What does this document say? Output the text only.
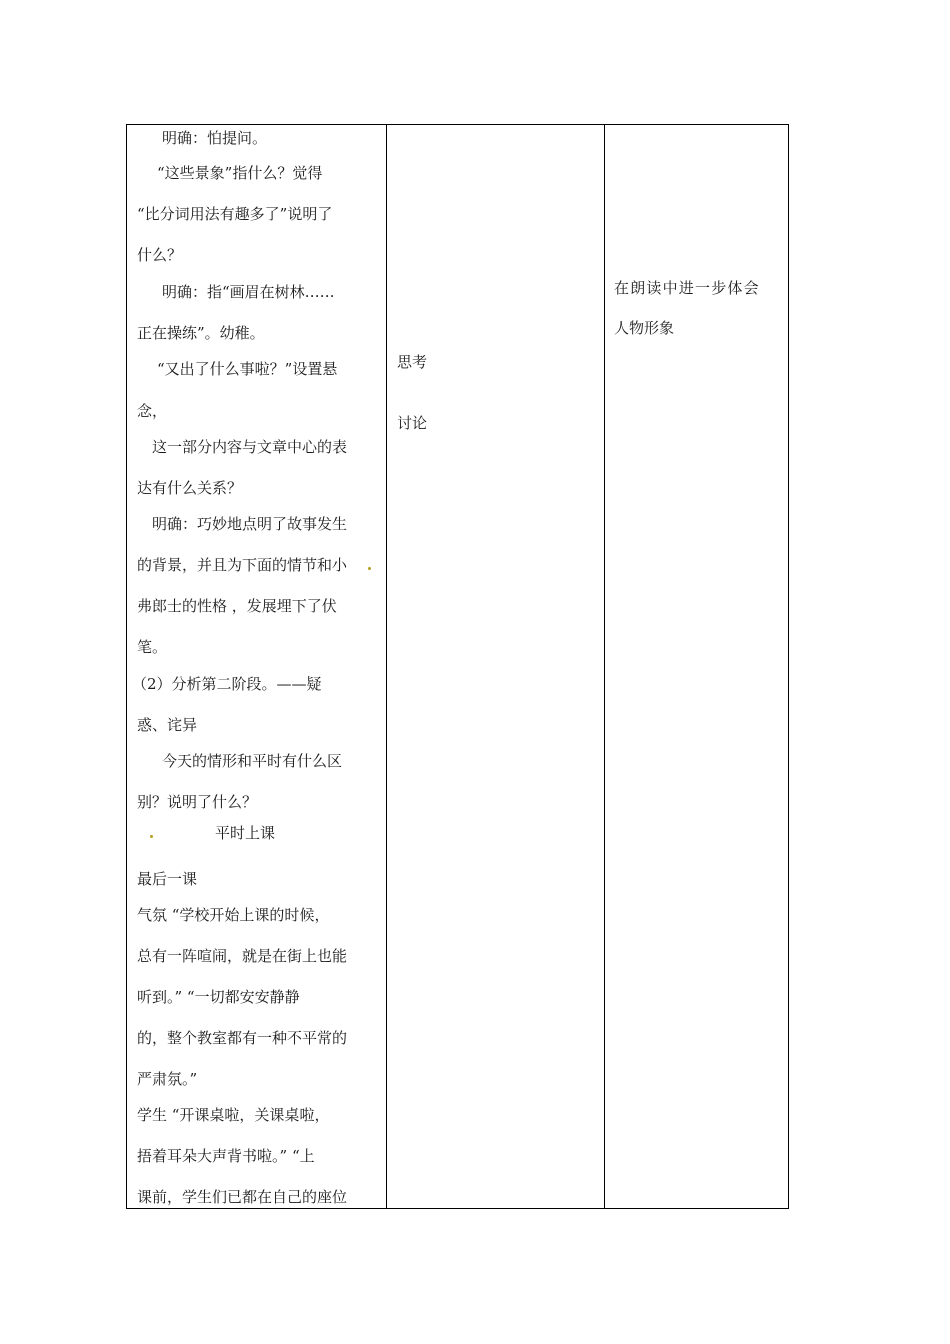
明确：怕提问。
“这些景象”指什么？觉得
“比分词用法有趣多了”说明了
什么？
明确：指“画眉在树林……
正在操练”。幼稚。
“又出了什么事啦？”设置悬
念，
这一部分内容与文章中心的表
达有什么关系？
明确：巧妙地点明了故事发生
的背景，并且为下面的情节和小
弗郎士的性格 ，发展埋下了伏
笔。
（2）分析第二阶段。——疑
惑、诧异
今天的情形和平时有什么区
别？说明了什么？
平时上课
最后一课
气氛 “学校开始上课的时候，
总有一阵喧闹，就是在街上也能
听到。” “一切都安安静静
的，整个教室都有一种不平常的
严肃氛。”
学生 “开课桌啦，关课桌啦，
捂着耳朵大声背书啦。” “上
课前，学生们已都在自己的座位
思考
讨论
在朗读中进一步体会
人物形象
